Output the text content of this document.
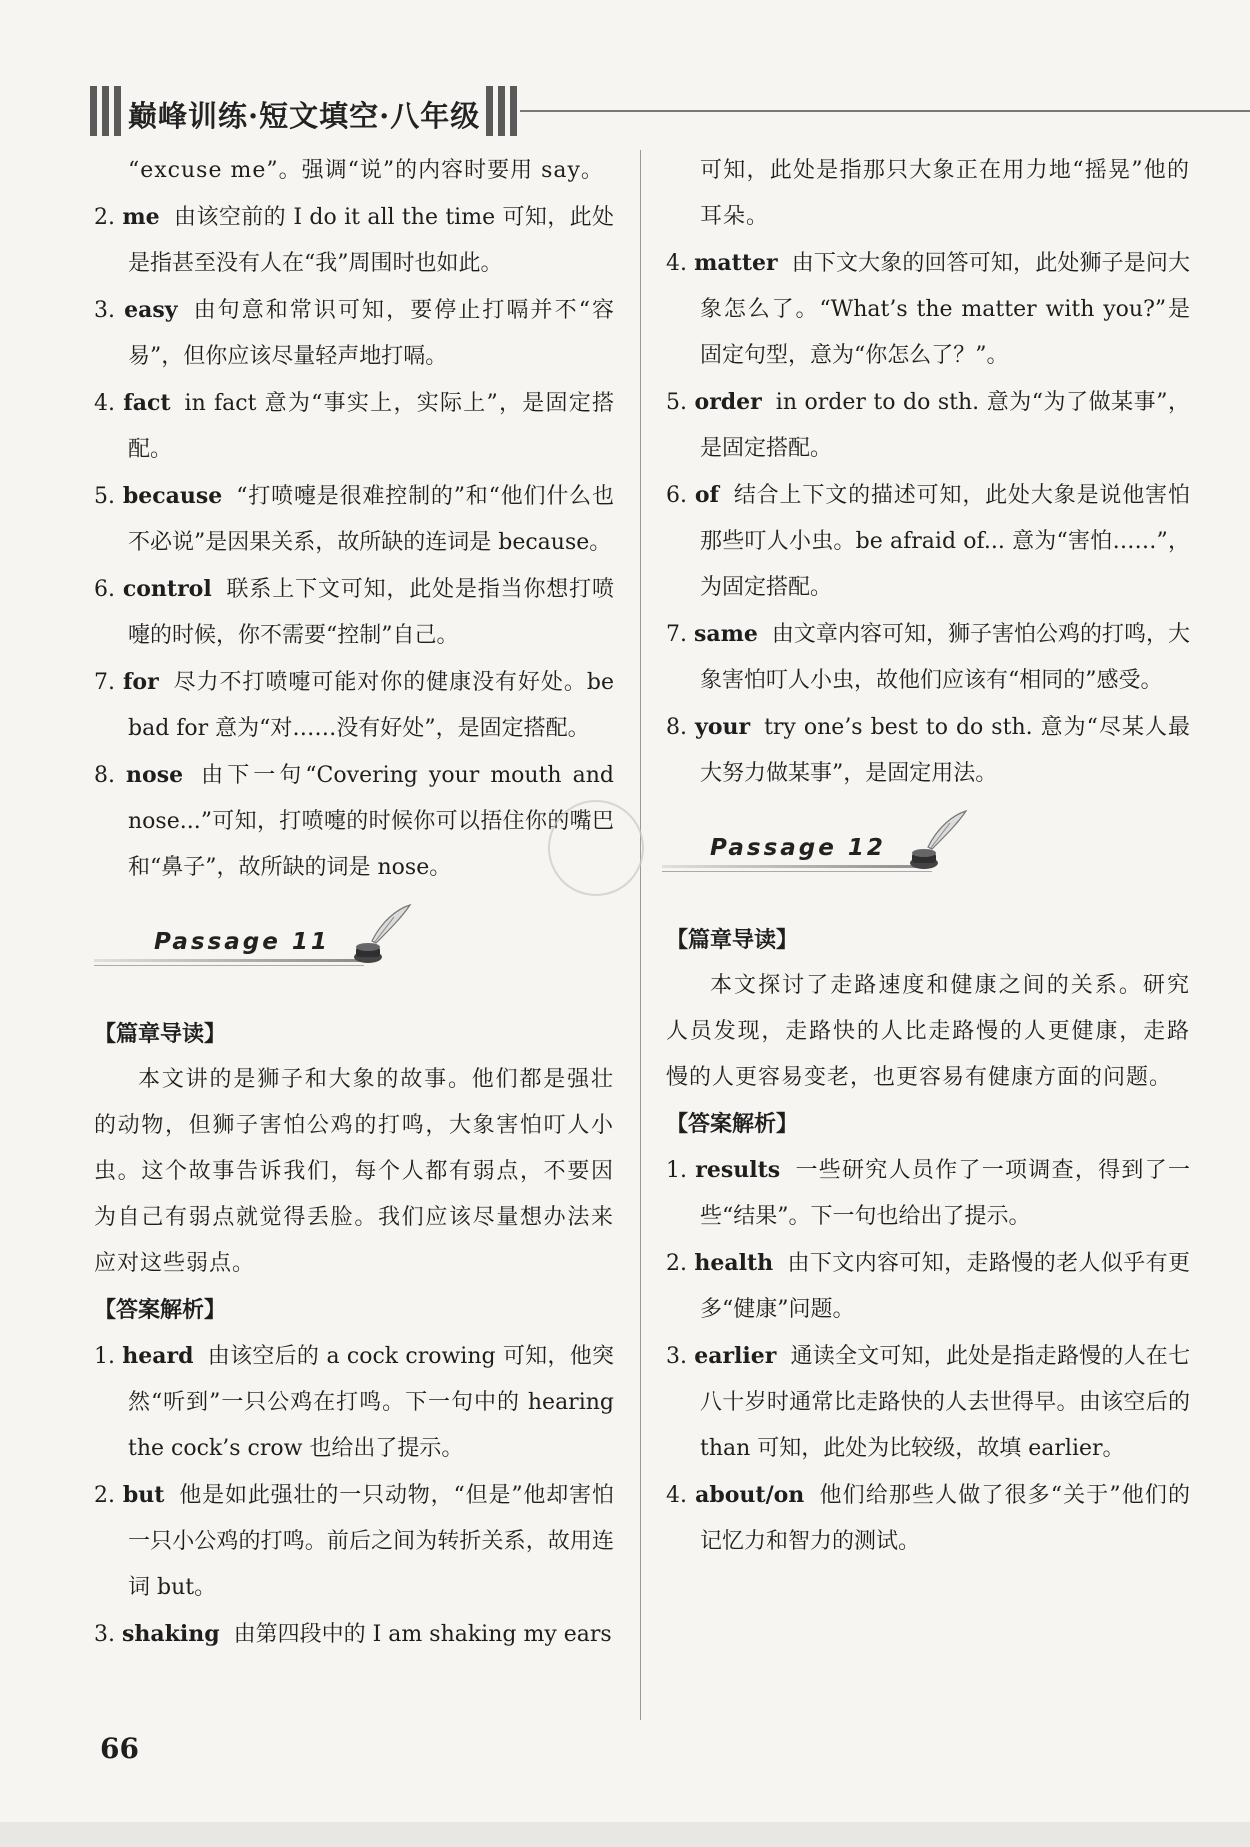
巅峰训练·短文填空·八年级
“excuse me”。强调“说”的内容时要用 say。
2. me 由该空前的 I do it all the time 可知，此处是指甚至没有人在“我”周围时也如此。
3. easy 由句意和常识可知，要停止打嗝并不“容易”，但你应该尽量轻声地打嗝。
4. fact in fact 意为“事实上，实际上”，是固定搭配。
5. because “打喷嚏是很难控制的”和“他们什么也不必说”是因果关系，故所缺的连词是 because。
6. control 联系上下文可知，此处是指当你想打喷嚏的时候，你不需要“控制”自己。
7. for 尽力不打喷嚏可能对你的健康没有好处。be bad for 意为“对……没有好处”，是固定搭配。
8. nose 由下一句“Covering your mouth and nose...”可知，打喷嚏的时候你可以捂住你的嘴巴和“鼻子”，故所缺的词是 nose。
Passage 11
【篇章导读】
本文讲的是狮子和大象的故事。他们都是强壮的动物，但狮子害怕公鸡的打鸣，大象害怕叮人小虫。这个故事告诉我们，每个人都有弱点，不要因为自己有弱点就觉得丢脸。我们应该尽量想办法来应对这些弱点。
【答案解析】
1. heard 由该空后的 a cock crowing 可知，他突然“听到”一只公鸡在打鸣。下一句中的 hearing the cock’s crow 也给出了提示。
2. but 他是如此强壮的一只动物，“但是”他却害怕一只小公鸡的打鸣。前后之间为转折关系，故用连词 but。
3. shaking 由第四段中的 I am shaking my ears
可知，此处是指那只大象正在用力地“摇晃”他的耳朵。
4. matter 由下文大象的回答可知，此处狮子是问大象怎么了。“What’s the matter with you?”是固定句型，意为“你怎么了？”。
5. order in order to do sth. 意为“为了做某事”，是固定搭配。
6. of 结合上下文的描述可知，此处大象是说他害怕那些叮人小虫。be afraid of... 意为“害怕……”，为固定搭配。
7. same 由文章内容可知，狮子害怕公鸡的打鸣，大象害怕叮人小虫，故他们应该有“相同的”感受。
8. your try one’s best to do sth. 意为“尽某人最大努力做某事”，是固定用法。
Passage 12
【篇章导读】
本文探讨了走路速度和健康之间的关系。研究人员发现，走路快的人比走路慢的人更健康，走路慢的人更容易变老，也更容易有健康方面的问题。
【答案解析】
1. results 一些研究人员作了一项调查，得到了一些“结果”。下一句也给出了提示。
2. health 由下文内容可知，走路慢的老人似乎有更多“健康”问题。
3. earlier 通读全文可知，此处是指走路慢的人在七八十岁时通常比走路快的人去世得早。由该空后的 than 可知，此处为比较级，故填 earlier。
4. about/on 他们给那些人做了很多“关于”他们的记忆力和智力的测试。
66
